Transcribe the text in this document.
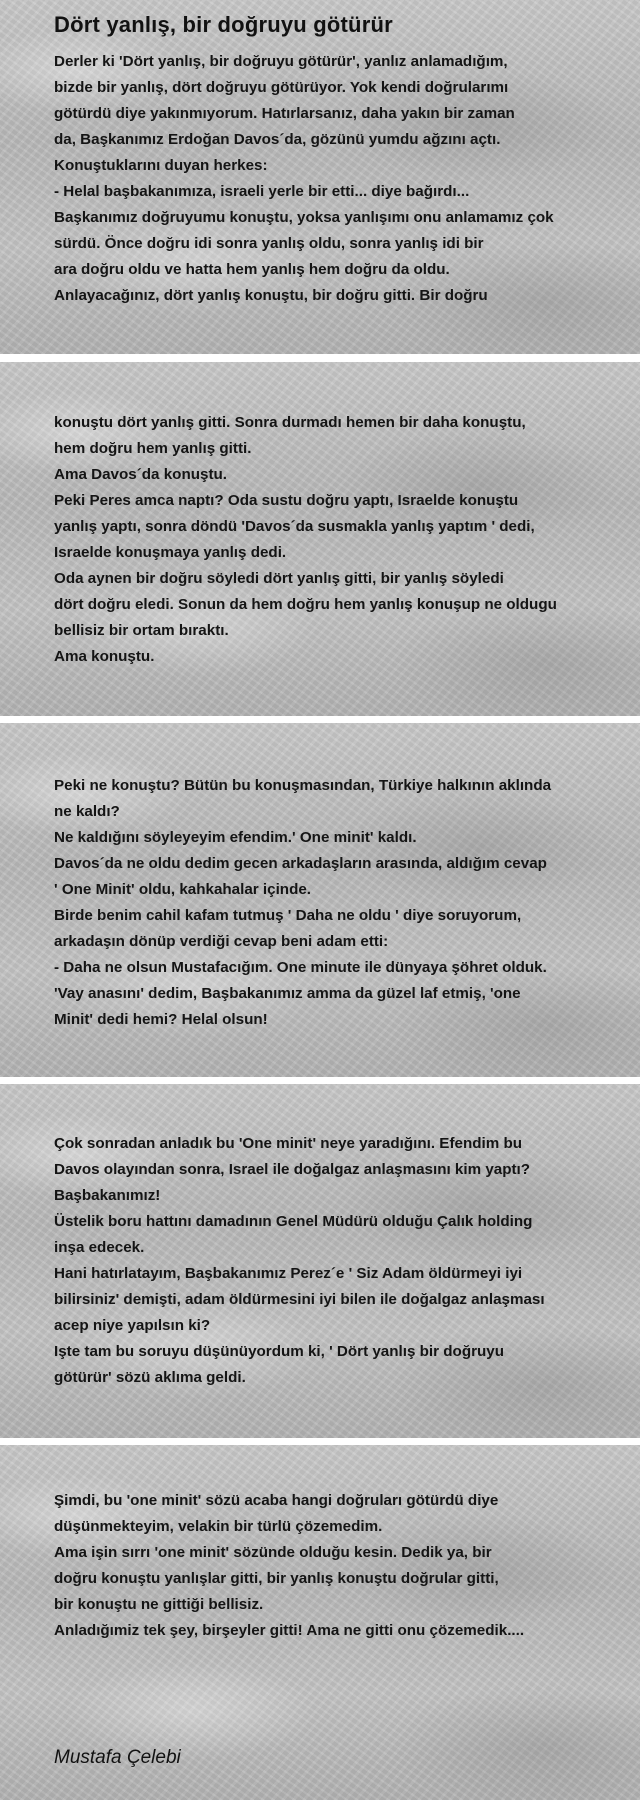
Dört yanlış, bir doğruyu götürür
Derler ki 'Dört yanlış, bir doğruyu götürür', yanlız anlamadığım,
bizde bir yanlış, dört doğruyu götürüyor. Yok kendi doğrularımı
götürdü diye yakınmıyorum. Hatırlarsanız, daha yakın bir zaman
da, Başkanımız Erdoğan Davos´da, gözünü yumdu ağzını açtı.
Konuştuklarını duyan herkes:
- Helal başbakanımıza, israeli yerle bir etti... diye bağırdı...
Başkanımız doğruyumu konuştu, yoksa yanlışımı onu anlamamız çok
sürdü. Önce doğru idi sonra yanlış oldu, sonra yanlış idi bir
ara doğru oldu ve hatta hem yanlış hem doğru da oldu.
Anlayacağınız, dört yanlış konuştu, bir doğru gitti. Bir doğru
konuştu dört yanlış gitti. Sonra durmadı hemen bir daha konuştu,
hem doğru hem yanlış gitti.
Ama Davos´da konuştu.
Peki Peres amca naptı? Oda sustu doğru yaptı, Israelde konuştu
yanlış yaptı, sonra döndü 'Davos´da susmakla yanlış yaptım ' dedi,
Israelde konuşmaya yanlış dedi.
Oda aynen bir doğru söyledi dört yanlış gitti, bir yanlış söyledi
dört doğru eledi. Sonun da hem doğru hem yanlış konuşup ne oldugu
bellisiz bir ortam bıraktı.
Ama konuştu.
Peki ne konuştu? Bütün bu konuşmasından, Türkiye halkının aklında
ne kaldı?
Ne kaldığını söyleyeyim efendim.' One minit' kaldı.
Davos´da ne oldu dedim gecen arkadaşların arasında, aldığım cevap
' One Minit' oldu, kahkahalar içinde.
Birde benim cahil kafam tutmuş ' Daha ne oldu ' diye soruyorum,
arkadaşın dönüp verdiği cevap beni adam etti:
- Daha ne olsun Mustafacığım. One minute ile dünyaya şöhret olduk.
'Vay anasını' dedim, Başbakanımız amma da güzel laf etmiş, 'one
Minit' dedi hemi? Helal olsun!
Çok sonradan anladık bu 'One minit' neye yaradığını. Efendim bu
Davos olayından sonra, Israel ile doğalgaz anlaşmasını kim yaptı?
Başbakanımız!
Üstelik boru hattını damadının Genel Müdürü olduğu Çalık holding
inşa edecek.
Hani hatırlatayım, Başbakanımız Perez´e ' Siz Adam öldürmeyi iyi
bilirsiniz' demişti, adam öldürmesini iyi bilen ile doğalgaz anlaşması
acep niye yapılsın ki?
Işte tam bu soruyu düşünüyordum ki, ' Dört yanlış bir doğruyu
götürür' sözü aklıma geldi.
Şimdi, bu 'one minit' sözü acaba hangi doğruları götürdü diye
düşünmekteyim, velakin bir türlü çözemedim.
Ama işin sırrı 'one minit' sözünde olduğu kesin. Dedik ya, bir
doğru konuştu yanlışlar gitti, bir yanlış konuştu doğrular gitti,
bir konuştu ne gittiği bellisiz.
Anladığımiz tek şey, birşeyler gitti! Ama ne gitti onu çözemedik....
Mustafa Çelebi
